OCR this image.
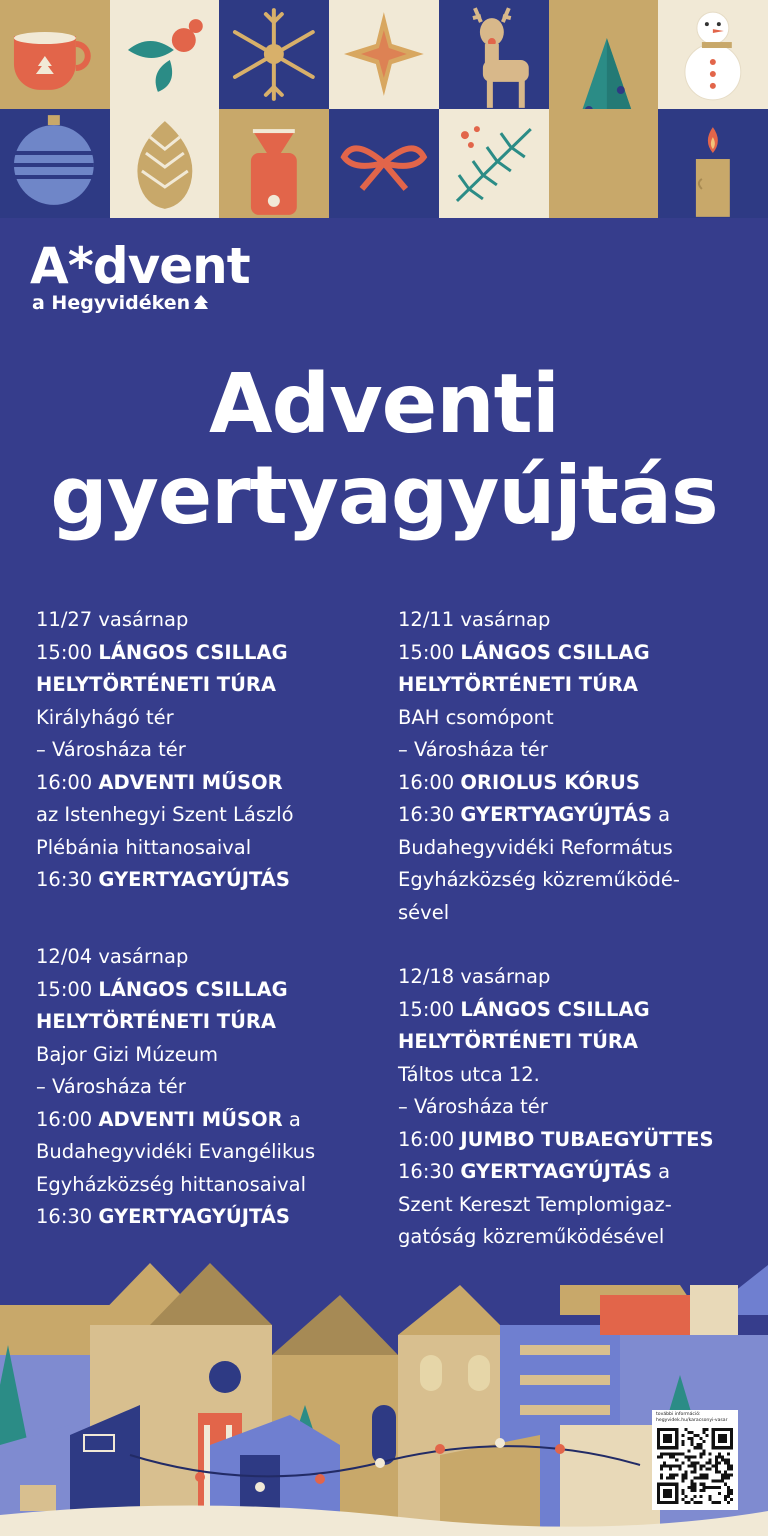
A*dvent
a Hegyvidéken
Adventi
gyertyagyújtás
11/27 vasárnap
15:00 LÁNGOS CSILLAG
HELYTÖRTÉNETI TÚRA
Királyhágó tér
– Városháza tér
16:00 ADVENTI MŰSOR
az Istenhegyi Szent László
Plébánia hittanosaival
16:30 GYERTYAGYÚJTÁS
12/04 vasárnap
15:00 LÁNGOS CSILLAG
HELYTÖRTÉNETI TÚRA
Bajor Gizi Múzeum
– Városháza tér
16:00 ADVENTI MŰSOR a
Budahegyvidéki Evangélikus
Egyházközség hittanosaival
16:30 GYERTYAGYÚJTÁS
12/11 vasárnap
15:00 LÁNGOS CSILLAG
HELYTÖRTÉNETI TÚRA
BAH csomópont
– Városháza tér
16:00 ORIOLUS KÓRUS
16:30 GYERTYAGYÚJTÁS a
Budahegyvidéki Református
Egyházközség közreműködé-
sével
12/18 vasárnap
15:00 LÁNGOS CSILLAG
HELYTÖRTÉNETI TÚRA
Táltos utca 12.
– Városháza tér
16:00 JUMBO TUBAEGYÜTTES
16:30 GYERTYAGYÚJTÁS a
Szent Kereszt Templomigaz-
gatóság közreműködésével
további információ:
hegyvidek.hu/karacsonyi-vasar
